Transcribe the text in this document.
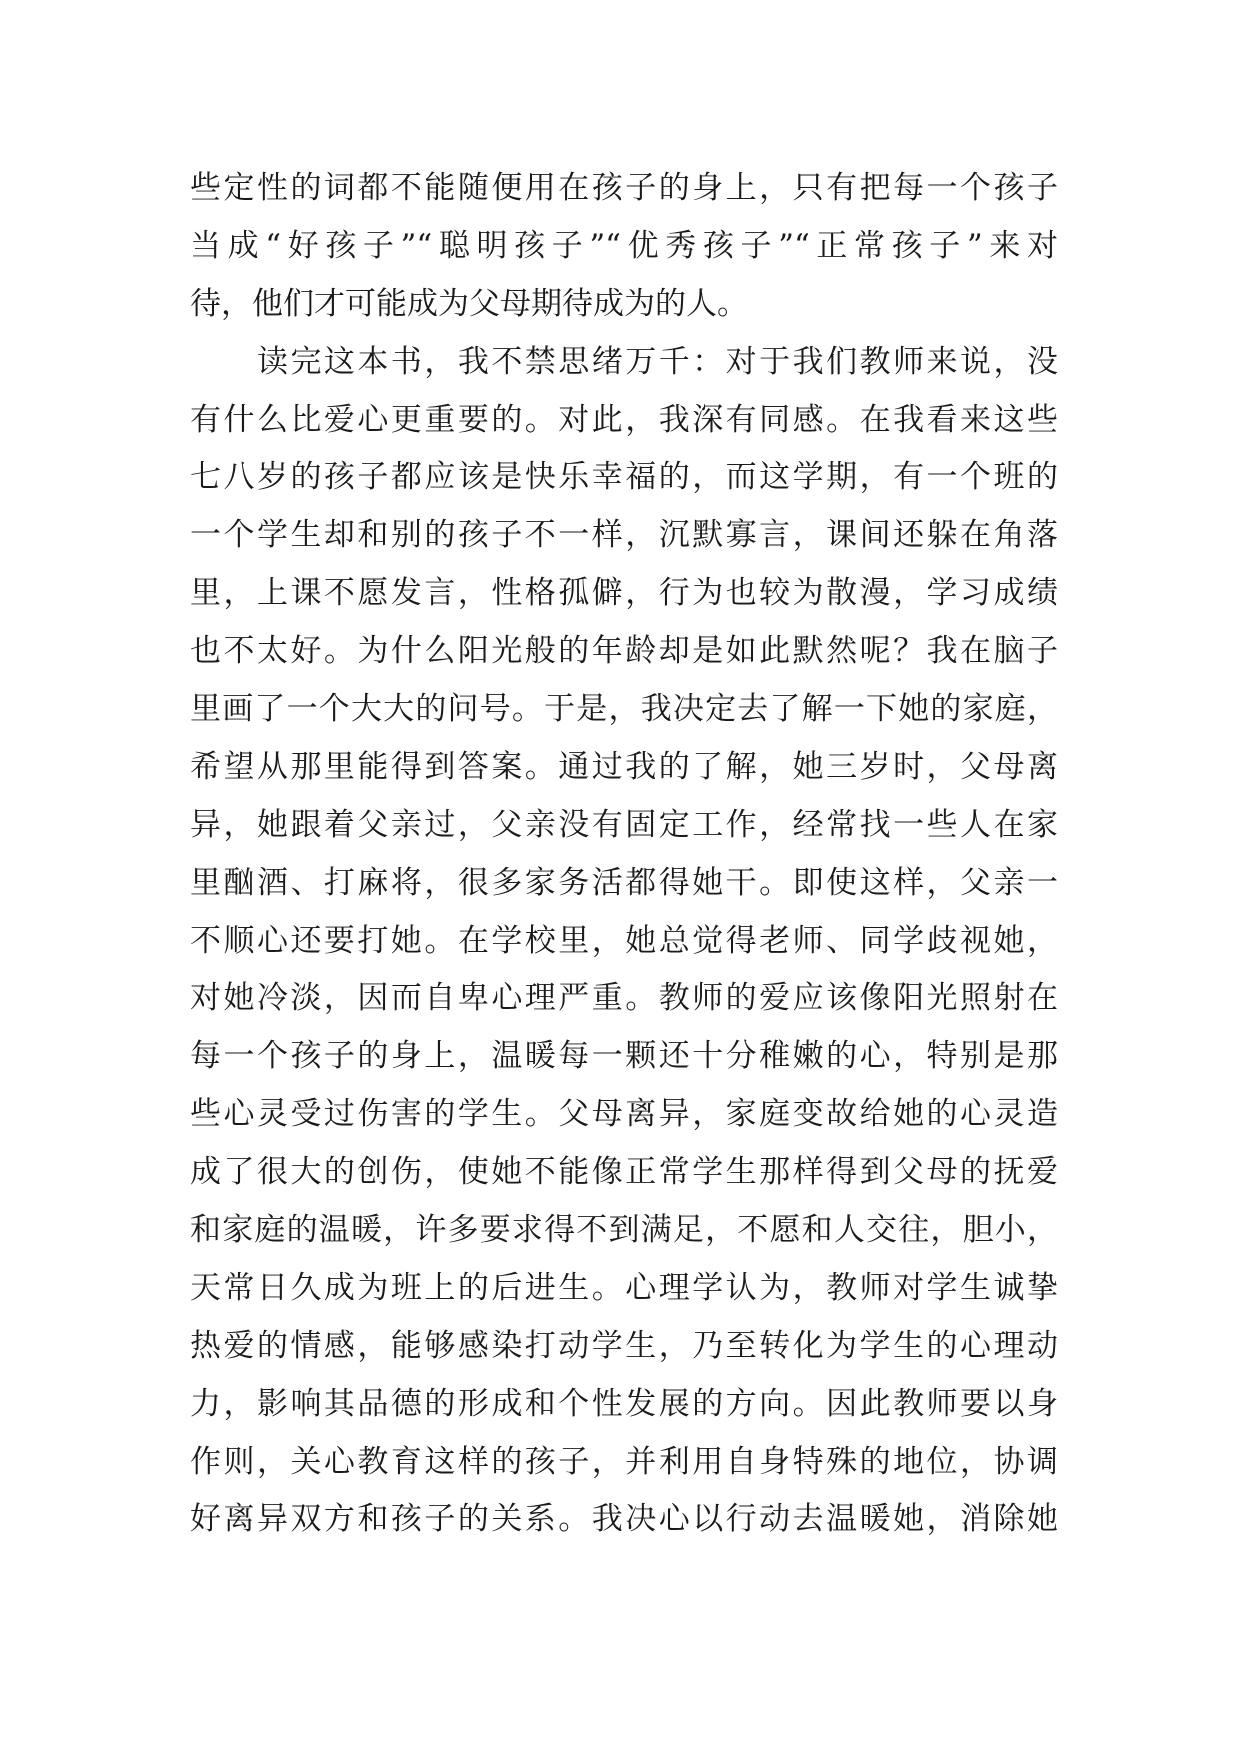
些定性的词都不能随便用在孩子的身上，只有把每一个孩子
当成“好孩子”“聪明孩子”“优秀孩子”“正常孩子”来对
待，他们才可能成为父母期待成为的人。
　　读完这本书，我不禁思绪万千：对于我们教师来说，没
有什么比爱心更重要的。对此，我深有同感。在我看来这些
七八岁的孩子都应该是快乐幸福的，而这学期，有一个班的
一个学生却和别的孩子不一样，沉默寡言，课间还躲在角落
里，上课不愿发言，性格孤僻，行为也较为散漫，学习成绩
也不太好。为什么阳光般的年龄却是如此默然呢？我在脑子
里画了一个大大的问号。于是，我决定去了解一下她的家庭，
希望从那里能得到答案。通过我的了解，她三岁时，父母离
异，她跟着父亲过，父亲没有固定工作，经常找一些人在家
里酗酒、打麻将，很多家务活都得她干。即使这样，父亲一
不顺心还要打她。在学校里，她总觉得老师、同学歧视她，
对她冷淡，因而自卑心理严重。教师的爱应该像阳光照射在
每一个孩子的身上，温暖每一颗还十分稚嫩的心，特别是那
些心灵受过伤害的学生。父母离异，家庭变故给她的心灵造
成了很大的创伤，使她不能像正常学生那样得到父母的抚爱
和家庭的温暖，许多要求得不到满足，不愿和人交往，胆小，
天常日久成为班上的后进生。心理学认为，教师对学生诚挚
热爱的情感，能够感染打动学生，乃至转化为学生的心理动
力，影响其品德的形成和个性发展的方向。因此教师要以身
作则，关心教育这样的孩子，并利用自身特殊的地位，协调
好离异双方和孩子的关系。我决心以行动去温暖她，消除她
